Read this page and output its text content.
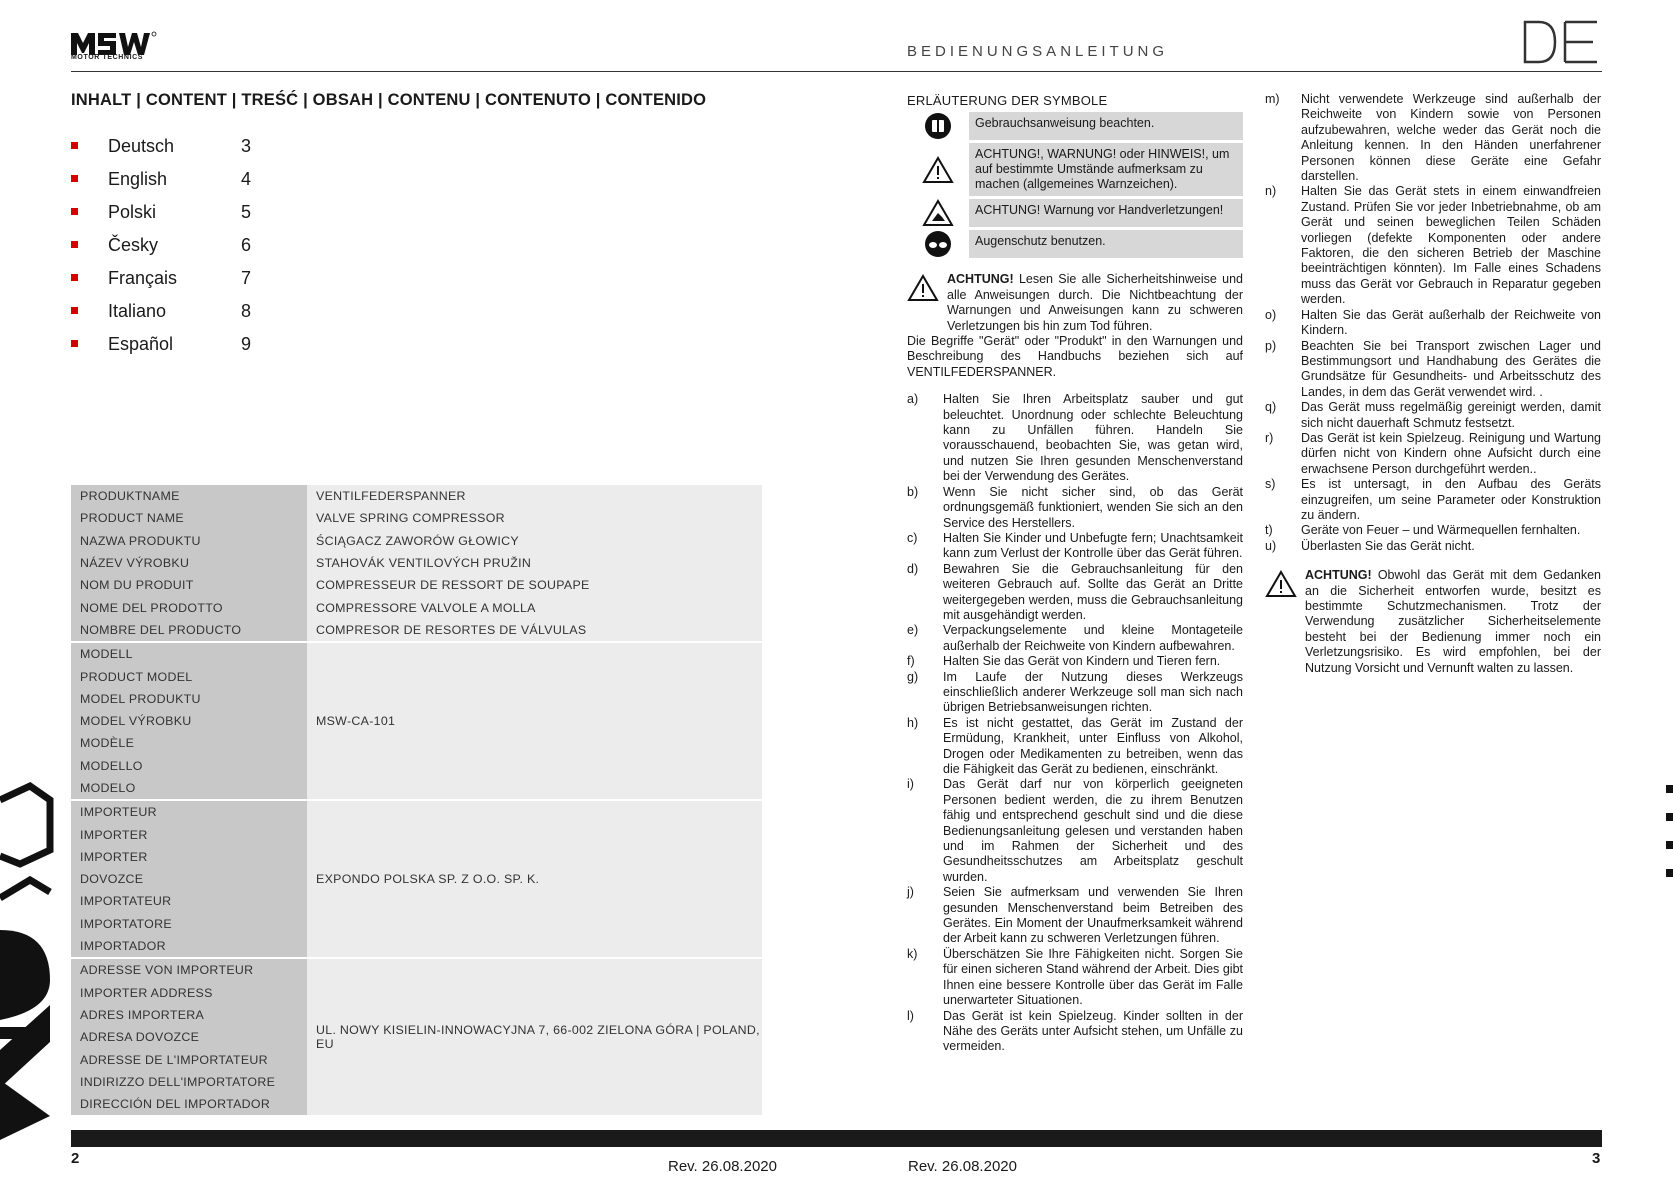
MOTOR TECHNICS	BEDIENUNGSANLEITUNG
INHALT | CONTENT | TREŚĆ | OBSAH | CONTENU | CONTENUTO | CONTENIDO
Deutsch	3
English	4
Polski	5
Česky	6
Français	7
Italiano	8
Español	9
PRODUKTNAME	VENTILFEDERSPANNER
PRODUCT NAME	VALVE SPRING COMPRESSOR
NAZWA PRODUKTU	ŚCIĄGACZ ZAWORÓW GŁOWICY
NÁZEV VÝROBKU	STAHOVÁK VENTILOVÝCH PRUŽIN
NOM DU PRODUIT	COMPRESSEUR DE RESSORT DE SOUPAPE
NOME DEL PRODOTTO	COMPRESSORE VALVOLE A MOLLA
NOMBRE DEL PRODUCTO	COMPRESOR DE RESORTES DE VÁLVULAS
MODELL	MSW-CA-101
PRODUCT MODEL	
MODEL PRODUKTU	
MODEL VÝROBKU	
MODÈLE	
MODELLO	
MODELO	
IMPORTEUR	EXPONDO POLSKA SP. Z O.O. SP. K.
IMPORTER	
IMPORTER	
DOVOZCE	
IMPORTATEUR	
IMPORTATORE	
IMPORTADOR	
ADRESSE VON IMPORTEUR	UL. NOWY KISIELIN-INNOWACYJNA 7, 66-002 ZIELONA GÓRA | POLAND, EU
IMPORTER ADDRESS	
ADRES IMPORTERA	
ADRESA DOVOZCE	
ADRESSE DE L'IMPORTATEUR	
INDIRIZZO DELL'IMPORTATORE	
DIRECCIÓN DEL IMPORTADOR	
ERLÄUTERUNG DER SYMBOLE
Gebrauchsanweisung beachten.
ACHTUNG!, WARNUNG! oder HINWEIS!, um auf bestimmte Umstände aufmerksam zu machen (allgemeines Warnzeichen).
ACHTUNG! Warnung vor Handverletzungen!
Augenschutz benutzen.
ACHTUNG! Lesen Sie alle Sicherheitshinweise und alle Anweisungen durch. Die Nichtbeachtung der Warnungen und Anweisungen kann zu schweren Verletzungen bis hin zum Tod führen.
Die Begriffe "Gerät" oder "Produkt" in den Warnungen und Beschreibung des Handbuchs beziehen sich auf VENTILFEDERSPANNER.
a)	Halten Sie Ihren Arbeitsplatz sauber und gut beleuchtet. Unordnung oder schlechte Beleuchtung kann zu Unfällen führen. Handeln Sie vorausschauend, beobachten Sie, was getan wird, und nutzen Sie Ihren gesunden Menschenverstand bei der Verwendung des Gerätes.
b)	Wenn Sie nicht sicher sind, ob das Gerät ordnungsgemäß funktioniert, wenden Sie sich an den Service des Herstellers.
c)	Halten Sie Kinder und Unbefugte fern; Unachtsamkeit kann zum Verlust der Kontrolle über das Gerät führen.
d)	Bewahren Sie die Gebrauchsanleitung für den weiteren Gebrauch auf. Sollte das Gerät an Dritte weitergegeben werden, muss die Gebrauchsanleitung mit ausgehändigt werden.
e)	Verpackungselemente und kleine Montageteile außerhalb der Reichweite von Kindern aufbewahren.
f)	Halten Sie das Gerät von Kindern und Tieren fern.
g)	Im Laufe der Nutzung dieses Werkzeugs einschließlich anderer Werkzeuge soll man sich nach übrigen Betriebsanweisungen richten.
h)	Es ist nicht gestattet, das Gerät im Zustand der Ermüdung, Krankheit, unter Einfluss von Alkohol, Drogen oder Medikamenten zu betreiben, wenn das die Fähigkeit das Gerät zu bedienen, einschränkt.
i)	Das Gerät darf nur von körperlich geeigneten Personen bedient werden, die zu ihrem Benutzen fähig und entsprechend geschult sind und die diese Bedienungsanleitung gelesen und verstanden haben und im Rahmen der Sicherheit und des Gesundheitsschutzes am Arbeitsplatz geschult wurden.
j)	Seien Sie aufmerksam und verwenden Sie Ihren gesunden Menschenverstand beim Betreiben des Gerätes. Ein Moment der Unaufmerksamkeit während der Arbeit kann zu schweren Verletzungen führen.
k)	Überschätzen Sie Ihre Fähigkeiten nicht. Sorgen Sie für einen sicheren Stand während der Arbeit. Dies gibt Ihnen eine bessere Kontrolle über das Gerät im Falle unerwarteter Situationen.
l)	Das Gerät ist kein Spielzeug. Kinder sollten in der Nähe des Geräts unter Aufsicht stehen, um Unfälle zu vermeiden.
m)	Nicht verwendete Werkzeuge sind außerhalb der Reichweite von Kindern sowie von Personen aufzubewahren, welche weder das Gerät noch die Anleitung kennen. In den Händen unerfahrener Personen können diese Geräte eine Gefahr darstellen.
n)	Halten Sie das Gerät stets in einem einwandfreien Zustand. Prüfen Sie vor jeder Inbetriebnahme, ob am Gerät und seinen beweglichen Teilen Schäden vorliegen (defekte Komponenten oder andere Faktoren, die den sicheren Betrieb der Maschine beeinträchtigen könnten). Im Falle eines Schadens muss das Gerät vor Gebrauch in Reparatur gegeben werden.
o)	Halten Sie das Gerät außerhalb der Reichweite von Kindern.
p)	Beachten Sie bei Transport zwischen Lager und Bestimmungsort und Handhabung des Gerätes die Grundsätze für Gesundheits- und Arbeitsschutz des Landes, in dem das Gerät verwendet wird. .
q)	Das Gerät muss regelmäßig gereinigt werden, damit sich nicht dauerhaft Schmutz festsetzt.
r)	Das Gerät ist kein Spielzeug. Reinigung und Wartung dürfen nicht von Kindern ohne Aufsicht durch eine erwachsene Person durchgeführt werden..
s)	Es ist untersagt, in den Aufbau des Geräts einzugreifen, um seine Parameter oder Konstruktion zu ändern.
t)	Geräte von Feuer – und Wärmequellen fernhalten.
u)	Überlasten Sie das Gerät nicht.
ACHTUNG! Obwohl das Gerät mit dem Gedanken an die Sicherheit entworfen wurde, besitzt es bestimmte Schutzmechanismen. Trotz der Verwendung zusätzlicher Sicherheitselemente besteht bei der Bedienung immer noch ein Verletzungsrisiko. Es wird empfohlen, bei der Nutzung Vorsicht und Vernunft walten zu lassen.
2	3
Rev. 26.08.2020	Rev. 26.08.2020
